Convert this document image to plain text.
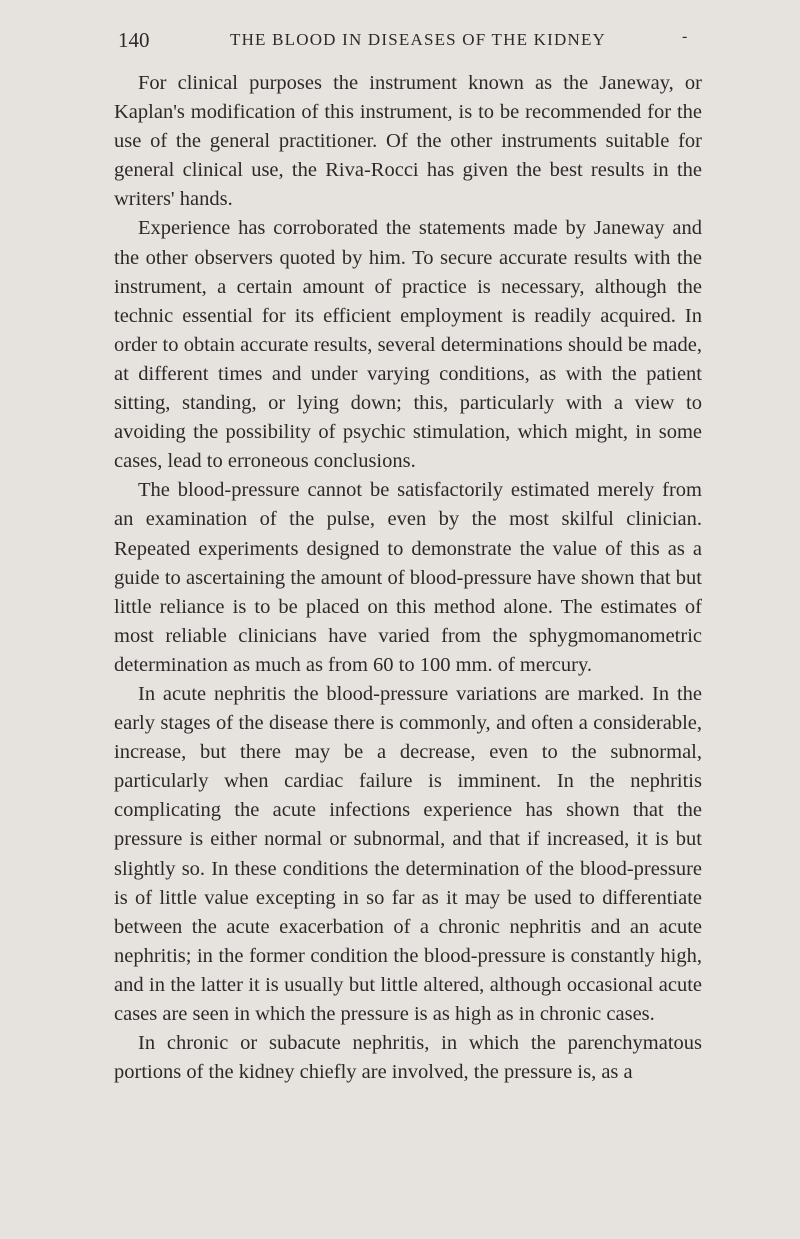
140	THE BLOOD IN DISEASES OF THE KIDNEY	-

For clinical purposes the instrument known as the Janeway, or Kaplan's modification of this instrument, is to be recommended for the use of the general practitioner. Of the other instruments suitable for general clinical use, the Riva-Rocci has given the best results in the writers' hands.

Experience has corroborated the statements made by Janeway and the other observers quoted by him. To secure accurate results with the instrument, a certain amount of practice is necessary, although the technic essential for its efficient employment is readily acquired. In order to obtain accurate results, several determinations should be made, at different times and under varying conditions, as with the patient sitting, standing, or lying down; this, particularly with a view to avoiding the possibility of psychic stimulation, which might, in some cases, lead to erroneous conclusions.

The blood-pressure cannot be satisfactorily estimated merely from an examination of the pulse, even by the most skilful clinician. Repeated experiments designed to demonstrate the value of this as a guide to ascertaining the amount of blood-pressure have shown that but little reliance is to be placed on this method alone. The estimates of most reliable clinicians have varied from the sphygmomanometric determination as much as from 60 to 100 mm. of mercury.

In acute nephritis the blood-pressure variations are marked. In the early stages of the disease there is commonly, and often a considerable, increase, but there may be a decrease, even to the subnormal, particularly when cardiac failure is imminent. In the nephritis complicating the acute infections experience has shown that the pressure is either normal or subnormal, and that if increased, it is but slightly so. In these conditions the determination of the blood-pressure is of little value excepting in so far as it may be used to differentiate between the acute exacerbation of a chronic nephritis and an acute nephritis; in the former condition the blood-pressure is constantly high, and in the latter it is usually but little altered, although occasional acute cases are seen in which the pressure is as high as in chronic cases.

In chronic or subacute nephritis, in which the parenchymatous portions of the kidney chiefly are involved, the pressure is, as a
